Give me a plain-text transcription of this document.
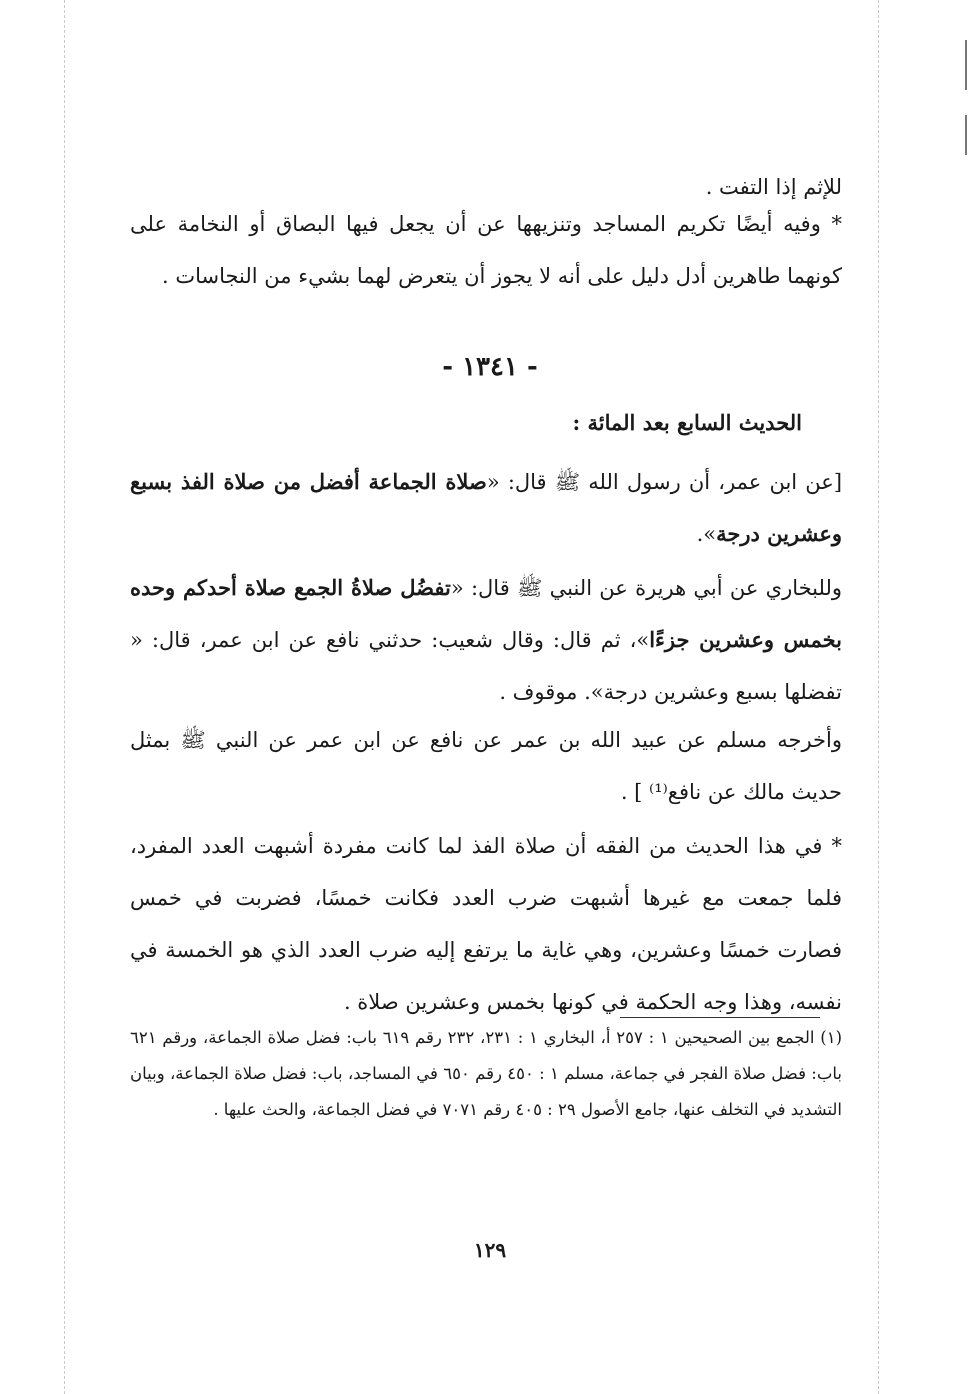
للإثم إذا التفت .
* وفيه أيضًا تكريم المساجد وتنزيهها عن أن يجعل فيها البصاق أو النخامة على كونهما طاهرين أدل دليل على أنه لا يجوز أن يتعرض لهما بشيء من النجاسات .
- ١٣٤١ -
الحديث السابع بعد المائة :
[عن ابن عمر، أن رسول الله ﷺ قال: «صلاة الجماعة أفضل من صلاة الفذ بسبع وعشرين درجة».
وللبخاري عن أبي هريرة عن النبي ﷺ قال: «تفضُل صلاةُ الجمع صلاة أحدكم وحده بخمس وعشرين جزءًا»، ثم قال: وقال شعيب: حدثني نافع عن ابن عمر، قال: « تفضلها بسبع وعشرين درجة». موقوف .
وأخرجه مسلم عن عبيد الله بن عمر عن نافع عن ابن عمر عن النبي ﷺ بمثل حديث مالك عن نافع⁽¹⁾ ] .
* في هذا الحديث من الفقه أن صلاة الفذ لما كانت مفردة أشبهت العدد المفرد، فلما جمعت مع غيرها أشبهت ضرب العدد فكانت خمسًا، فضربت في خمس فصارت خمسًا وعشرين، وهي غاية ما يرتفع إليه ضرب العدد الذي هو الخمسة في نفسه، وهذا وجه الحكمة في كونها بخمس وعشرين صلاة .
(١) الجمع بين الصحيحين ١ : ٢٥٧ أ، البخاري ١ : ٢٣١، ٢٣٢ رقم ٦١٩ باب: فضل صلاة الجماعة، ورقم ٦٢١ باب: فضل صلاة الفجر في جماعة، مسلم ١ : ٤٥٠ رقم ٦٥٠ في المساجد، باب: فضل صلاة الجماعة، وبيان التشديد في التخلف عنها، جامع الأصول ٢٩ : ٤٠٥ رقم ٧٠٧١ في فضل الجماعة، والحث عليها .
١٢٩
